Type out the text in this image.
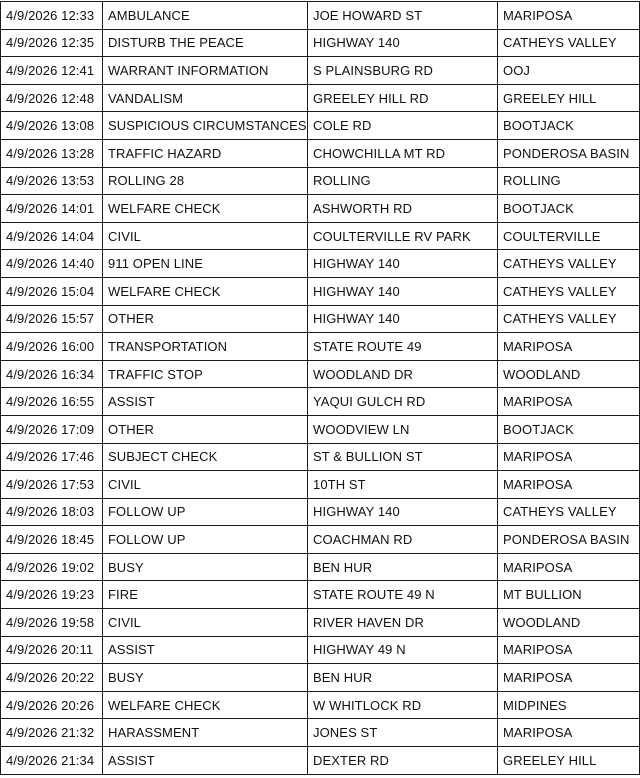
4/9/2026 12:33	AMBULANCE	JOE HOWARD ST	MARIPOSA
4/9/2026 12:35	DISTURB THE PEACE	HIGHWAY 140	CATHEYS VALLEY
4/9/2026 12:41	WARRANT INFORMATION	S PLAINSBURG RD	OOJ
4/9/2026 12:48	VANDALISM	GREELEY HILL RD	GREELEY HILL
4/9/2026 13:08	SUSPICIOUS CIRCUMSTANCES	COLE RD	BOOTJACK
4/9/2026 13:28	TRAFFIC HAZARD	CHOWCHILLA MT RD	PONDEROSA BASIN
4/9/2026 13:53	ROLLING 28	ROLLING	ROLLING
4/9/2026 14:01	WELFARE CHECK	ASHWORTH RD	BOOTJACK
4/9/2026 14:04	CIVIL	COULTERVILLE RV PARK	COULTERVILLE
4/9/2026 14:40	911 OPEN LINE	HIGHWAY 140	CATHEYS VALLEY
4/9/2026 15:04	WELFARE CHECK	HIGHWAY 140	CATHEYS VALLEY
4/9/2026 15:57	OTHER	HIGHWAY 140	CATHEYS VALLEY
4/9/2026 16:00	TRANSPORTATION	STATE ROUTE 49	MARIPOSA
4/9/2026 16:34	TRAFFIC STOP	WOODLAND DR	WOODLAND
4/9/2026 16:55	ASSIST	YAQUI GULCH RD	MARIPOSA
4/9/2026 17:09	OTHER	WOODVIEW LN	BOOTJACK
4/9/2026 17:46	SUBJECT CHECK	ST & BULLION ST	MARIPOSA
4/9/2026 17:53	CIVIL	10TH ST	MARIPOSA
4/9/2026 18:03	FOLLOW UP	HIGHWAY 140	CATHEYS VALLEY
4/9/2026 18:45	FOLLOW UP	COACHMAN RD	PONDEROSA BASIN
4/9/2026 19:02	BUSY	BEN HUR	MARIPOSA
4/9/2026 19:23	FIRE	STATE ROUTE 49 N	MT BULLION
4/9/2026 19:58	CIVIL	RIVER HAVEN DR	WOODLAND
4/9/2026 20:11	ASSIST	HIGHWAY 49 N	MARIPOSA
4/9/2026 20:22	BUSY	BEN HUR	MARIPOSA
4/9/2026 20:26	WELFARE CHECK	W WHITLOCK RD	MIDPINES
4/9/2026 21:32	HARASSMENT	JONES ST	MARIPOSA
4/9/2026 21:34	ASSIST	DEXTER RD	GREELEY HILL
